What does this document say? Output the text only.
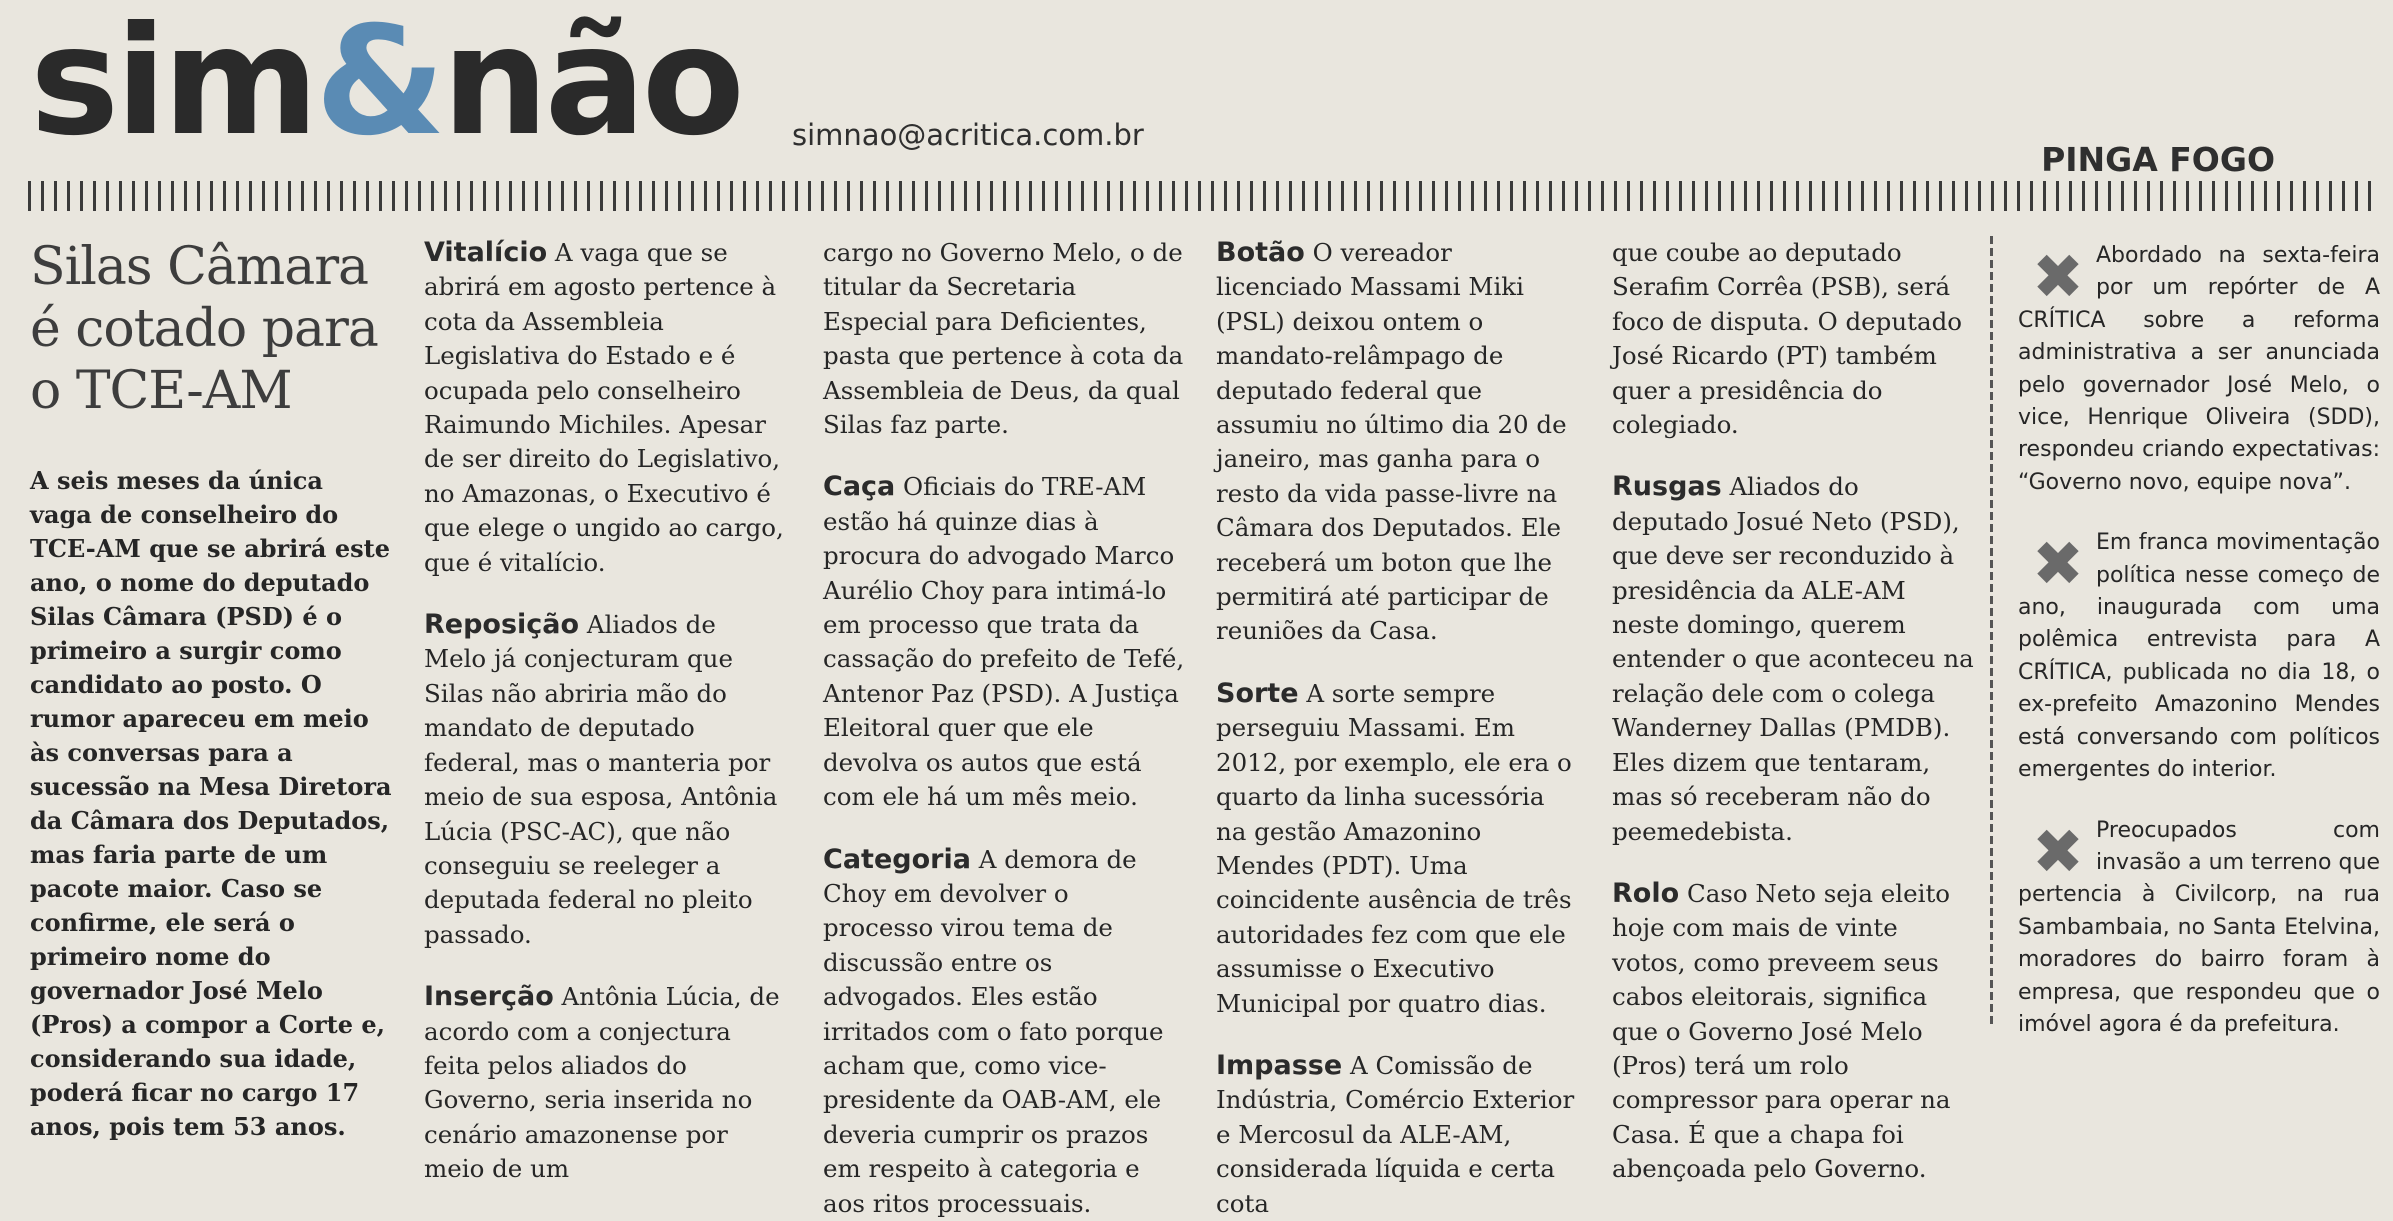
sim&não simnao@acritica.com.br
PINGA FOGO
Silas Câmara é cotado para o TCE-AM

A seis meses da única vaga de conselheiro do TCE-AM que se abrirá este ano, o nome do deputado Silas Câmara (PSD) é o primeiro a surgir como candidato ao posto. O rumor apareceu em meio às conversas para a sucessão na Mesa Diretora da Câmara dos Deputados, mas faria parte de um pacote maior. Caso se confirme, ele será o primeiro nome do governador José Melo (Pros) a compor a Corte e, considerando sua idade, poderá ficar no cargo 17 anos, pois tem 53 anos.

Vitalício A vaga que se abrirá em agosto pertence à cota da Assembleia Legislativa do Estado e é ocupada pelo conselheiro Raimundo Michiles. Apesar de ser direito do Legislativo, no Amazonas, o Executivo é que elege o ungido ao cargo, que é vitalício.

Reposição Aliados de Melo já conjecturam que Silas não abriria mão do mandato de deputado federal, mas o manteria por meio de sua esposa, Antônia Lúcia (PSC-AC), que não conseguiu se reeleger a deputada federal no pleito passado.

Inserção Antônia Lúcia, de acordo com a conjectura feita pelos aliados do Governo, seria inserida no cenário amazonense por meio de um

cargo no Governo Melo, o de titular da Secretaria Especial para Deficientes, pasta que pertence à cota da Assembleia de Deus, da qual Silas faz parte.

Caça Oficiais do TRE-AM estão há quinze dias à procura do advogado Marco Aurélio Choy para intimá-lo em processo que trata da cassação do prefeito de Tefé, Antenor Paz (PSD). A Justiça Eleitoral quer que ele devolva os autos que está com ele há um mês meio.

Categoria A demora de Choy em devolver o processo virou tema de discussão entre os advogados. Eles estão irritados com o fato porque acham que, como vice-presidente da OAB-AM, ele deveria cumprir os prazos em respeito à categoria e aos ritos processuais.

Botão O vereador licenciado Massami Miki (PSL) deixou ontem o mandato-relâmpago de deputado federal que assumiu no último dia 20 de janeiro, mas ganha para o resto da vida passe-livre na Câmara dos Deputados. Ele receberá um boton que lhe permitirá até participar de reuniões da Casa.

Sorte A sorte sempre perseguiu Massami. Em 2012, por exemplo, ele era o quarto da linha sucessória na gestão Amazonino Mendes (PDT). Uma coincidente ausência de três autoridades fez com que ele assumisse o Executivo Municipal por quatro dias.

Impasse A Comissão de Indústria, Comércio Exterior e Mercosul da ALE-AM, considerada líquida e certa cota

que coube ao deputado Serafim Corrêa (PSB), será foco de disputa. O deputado José Ricardo (PT) também quer a presidência do colegiado.

Rusgas Aliados do deputado Josué Neto (PSD), que deve ser reconduzido à presidência da ALE-AM neste domingo, querem entender o que aconteceu na relação dele com o colega Wanderney Dallas (PMDB). Eles dizem que tentaram, mas só receberam não do peemedebista.

Rolo Caso Neto seja eleito hoje com mais de vinte votos, como preveem seus cabos eleitorais, significa que o Governo José Melo (Pros) terá um rolo compressor para operar na Casa. É que a chapa foi abençoada pelo Governo.

✖ Abordado na sexta-feira por um repórter de A CRÍTICA sobre a reforma administrativa a ser anunciada pelo governador José Melo, o vice, Henrique Oliveira (SDD), respondeu criando expectativas: “Governo novo, equipe nova”.
✖ Em franca movimentação política nesse começo de ano, inaugurada com uma polêmica entrevista para A CRÍTICA, publicada no dia 18, o ex-prefeito Amazonino Mendes está conversando com políticos emergentes do interior.
✖ Preocupados com invasão a um terreno que pertencia à Civilcorp, na rua Sambambaia, no Santa Etelvina, moradores do bairro foram à empresa, que respondeu que o imóvel agora é da prefeitura.
